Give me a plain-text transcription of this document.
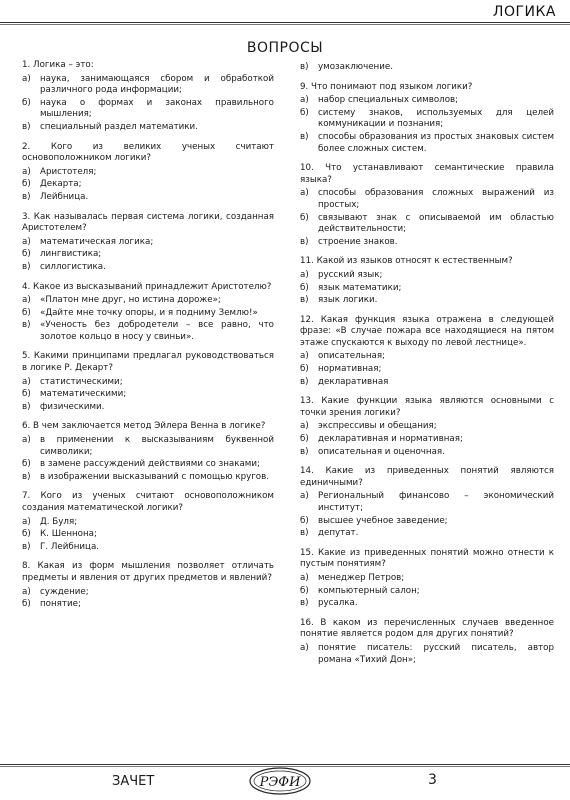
ЛОГИКА
ВОПРОСЫ
1. Логика – это:
а)	наука, занимающаяся сбором и обработкой различного рода информации;
б)	наука о формах и законах правильного мышления;
в)	специальный раздел математики.
2. Кого из великих ученых считают основоположником логики?
а)	Аристотеля;
б)	Декарта;
в)	Лейбница.
3. Как называлась первая система логики, созданная Аристотелем?
а)	математическая логика;
б)	лингвистика;
в)	силлогистика.
4. Какое из высказываний принадлежит Аристотелю?
а)	«Платон мне друг, но истина дороже»;
б)	«Дайте мне точку опоры, и я подниму Землю!»
в)	«Ученость без добродетели – все равно, что золотое кольцо в носу у свиньи».
5. Какими принципами предлагал руководствоваться в логике Р. Декарт?
а)	статистическими;
б)	математическими;
в)	физическими.
6. В чем заключается метод Эйлера Венна в логике?
а)	в применении к высказываниям буквенной символики;
б)	в замене рассуждений действиями со знаками;
в)	в изображении высказываний с помощью кругов.
7. Кого из ученых считают основоположником создания математической логики?
а)	Д. Буля;
б)	К. Шеннона;
в)	Г. Лейбница.
8. Какая из форм мышления позволяет отличать предметы и явления от других предметов и явлений?
а)	суждение;
б)	понятие;
в)	умозаключение.
9. Что понимают под языком логики?
а)	набор специальных символов;
б)	систему знаков, используемых для целей коммуникации и познания;
в)	способы образования из простых знаковых систем более сложных систем.
10. Что устанавливают семантические правила языка?
а)	способы образования сложных выражений из простых;
б)	связывают знак с описываемой им областью действительности;
в)	строение знаков.
11. Какой из языков относят к естественным?
а)	русский язык;
б)	язык математики;
в)	язык логики.
12. Какая функция языка отражена в следующей фразе: «В случае пожара все находящиеся на пятом этаже спускаются к выходу по левой лестнице».
а)	описательная;
б)	нормативная;
в)	декларативная
13. Какие функции языка являются основными с точки зрения логики?
а)	экспрессивы и обещания;
б)	декларативная и нормативная;
в)	описательная и оценочная.
14. Какие из приведенных понятий являются единичными?
а)	Региональный финансово – экономический институт;
б)	высшее учебное заведение;
в)	депутат.
15. Какие из приведенных понятий можно отнести к пустым понятиям?
а)	менеджер Петров;
б)	компьютерный салон;
в)	русалка.
16. В каком из перечисленных случаев введенное понятие является родом для других понятий?
а)	понятие писатель: русский писатель, автор романа «Тихий Дон»;
ЗАЧЕТ	РЭФИ	3
